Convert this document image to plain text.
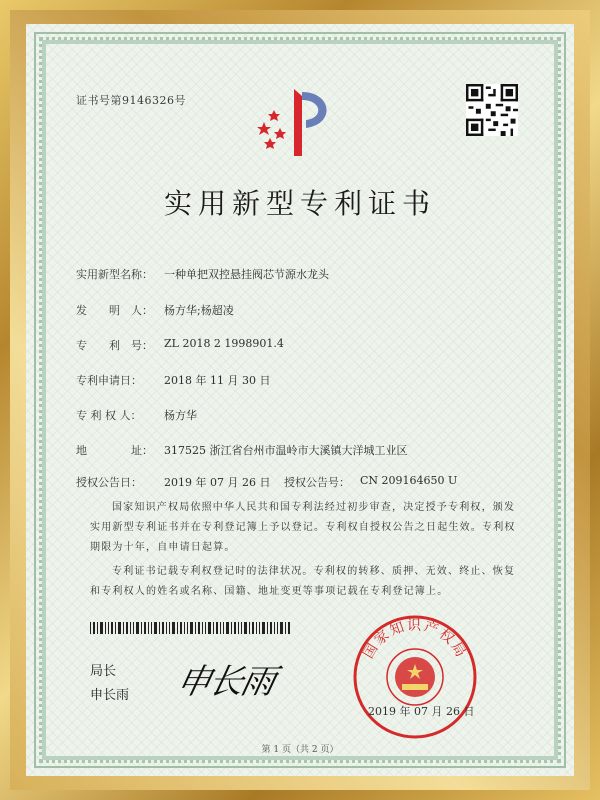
证书号第9146326号
实用新型专利证书
实用新型名称： 一种单把双控悬挂阀芯节源水龙头
发　　明　人： 杨方华;杨超凌
专　　利　号： ZL 2018 2 1998901.4
专利申请日： 2018 年 11 月 30 日
专 利 权 人： 杨方华
地　　　　址： 317525 浙江省台州市温岭市大溪镇大洋城工业区
授权公告日： 2019 年 07 月 26 日 授权公告号： CN 209164650 U
国家知识产权局依照中华人民共和国专利法经过初步审查，决定授予专利权，颁发实用新型专利证书并在专利登记簿上予以登记。专利权自授权公告之日起生效。专利权期限为十年，自申请日起算。
专利证书记载专利权登记时的法律状况。专利权的转移、质押、无效、终止、恢复和专利权人的姓名或名称、国籍、地址变更等事项记载在专利登记簿上。
局长
申长雨 申长雨
国家知识产权局
2019 年 07 月 26 日
第 1 页（共 2 页）
